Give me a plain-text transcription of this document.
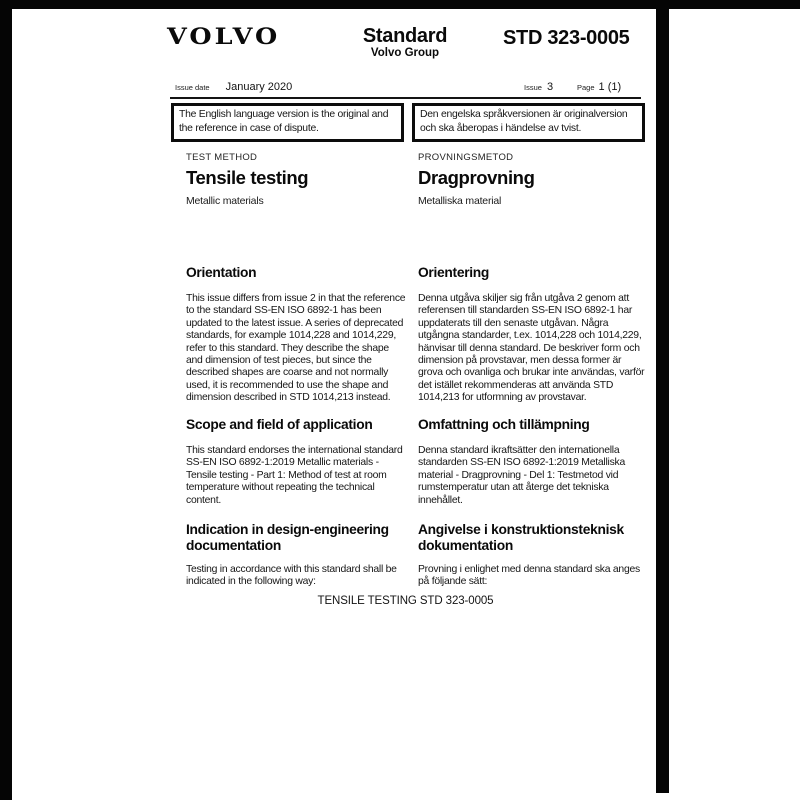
VOLVO	Standard
Volvo Group
STD 323-0005
Issue date January 2020	Issue 3	Page 1 (1)
The English language version is the original and the reference in case of dispute.
Den engelska språkversionen är originalversion och ska åberopas i händelse av tvist.
TEST METHOD
Tensile testing
Metallic materials
Orientation
This issue differs from issue 2 in that the reference to the standard SS-EN ISO 6892-1 has been updated to the latest issue. A series of deprecated standards, for example 1014,228 and 1014,229, refer to this standard. They describe the shape and dimension of test pieces, but since the described shapes are coarse and not normally used, it is recommended to use the shape and dimension described in STD 1014,213 instead.
Scope and field of application
This standard endorses the international standard SS-EN ISO 6892-1:2019 Metallic materials - Tensile testing - Part 1: Method of test at room temperature without repeating the technical content.
Indication in design-engineering documentation
Testing in accordance with this standard shall be indicated in the following way:
PROVNINGSMETOD
Dragprovning
Metalliska material
Orientering
Denna utgåva skiljer sig från utgåva 2 genom att referensen till standarden SS-EN ISO 6892-1 har uppdaterats till den senaste utgåvan. Några utgångna standarder, t.ex. 1014,228 och 1014,229, hänvisar till denna standard. De beskriver form och dimension på provstavar, men dessa former är grova och ovanliga och brukar inte användas, varför det istället rekommenderas att använda STD 1014,213 for utformning av provstavar.
Omfattning och tillämpning
Denna standard ikraftsätter den internationella standarden SS-EN ISO 6892-1:2019 Metalliska material - Dragprovning - Del 1: Testmetod vid rumstemperatur utan att återge det tekniska innehållet.
Angivelse i konstruktionsteknisk dokumentation
Provning i enlighet med denna standard ska anges på följande sätt:
TENSILE TESTING STD 323-0005
